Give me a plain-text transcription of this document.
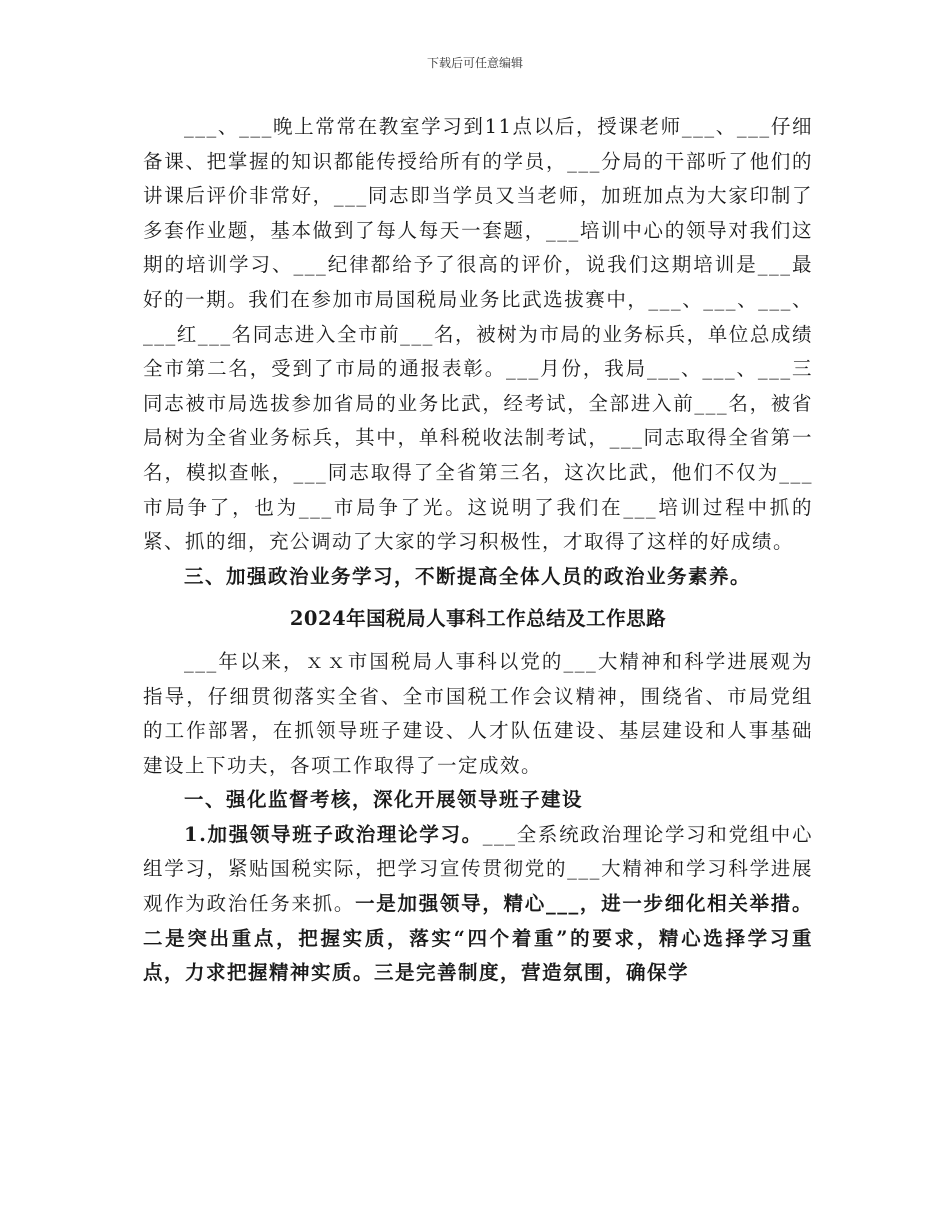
下载后可任意编辑

___、___晚上常常在教室学习到11点以后，授课老师___、___仔细备课、把掌握的知识都能传授给所有的学员，___分局的干部听了他们的讲课后评价非常好，___同志即当学员又当老师，加班加点为大家印制了多套作业题，基本做到了每人每天一套题，___培训中心的领导对我们这期的培训学习、___纪律都给予了很高的评价，说我们这期培训是___最好的一期。我们在参加市局国税局业务比武选拔赛中，___、___、___、___红___名同志进入全市前___名，被树为市局的业务标兵，单位总成绩全市第二名，受到了市局的通报表彰。___月份，我局___、___、___三同志被市局选拔参加省局的业务比武，经考试，全部进入前___名，被省局树为全省业务标兵，其中，单科税收法制考试，___同志取得全省第一名，模拟查帐，___同志取得了全省第三名，这次比武，他们不仅为___市局争了，也为___市局争了光。这说明了我们在___培训过程中抓的紧、抓的细，充公调动了大家的学习积极性，才取得了这样的好成绩。

三、加强政治业务学习，不断提高全体人员的政治业务素养。

2024年国税局人事科工作总结及工作思路

___年以来，ｘｘ市国税局人事科以党的___大精神和科学进展观为指导，仔细贯彻落实全省、全市国税工作会议精神，围绕省、市局党组的工作部署，在抓领导班子建设、人才队伍建设、基层建设和人事基础建设上下功夫，各项工作取得了一定成效。

一、强化监督考核，深化开展领导班子建设

1.加强领导班子政治理论学习。___全系统政治理论学习和党组中心组学习，紧贴国税实际，把学习宣传贯彻党的___大精神和学习科学进展观作为政治任务来抓。一是加强领导，精心___，进一步细化相关举措。二是突出重点，把握实质，落实“四个着重”的要求，精心选择学习重点，力求把握精神实质。三是完善制度，营造氛围，确保学
